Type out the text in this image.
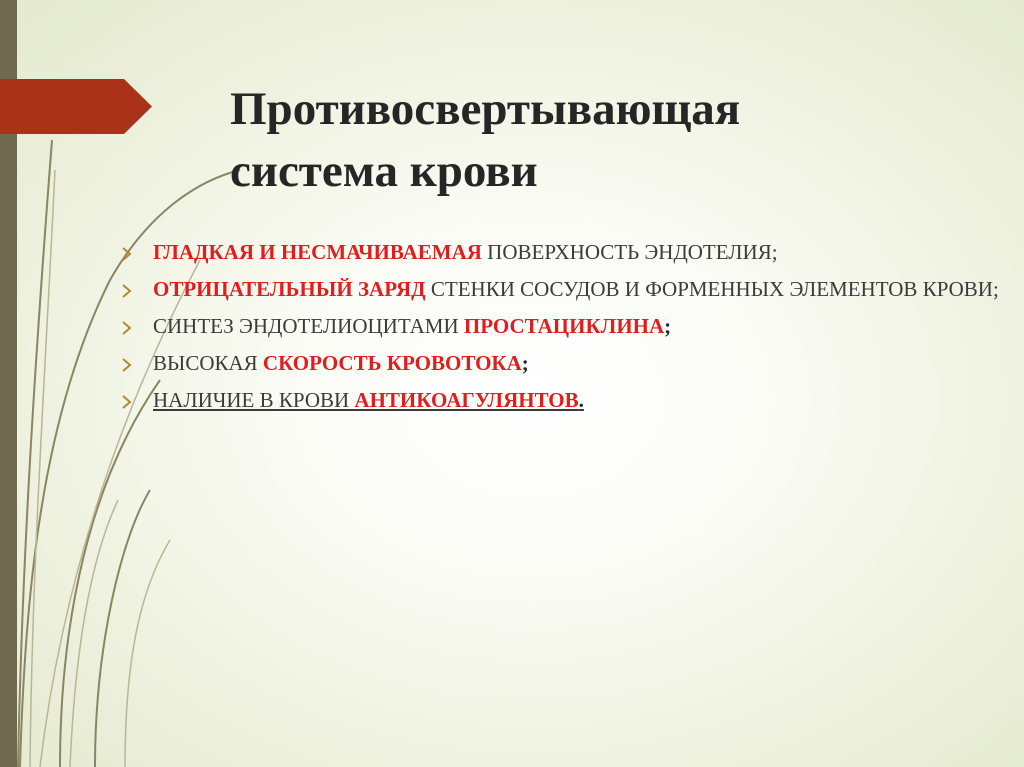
Противосвертывающая
система крови
ГЛАДКАЯ И НЕСМАЧИВАЕМАЯ ПОВЕРХНОСТЬ ЭНДОТЕЛИЯ;
ОТРИЦАТЕЛЬНЫЙ ЗАРЯД СТЕНКИ СОСУДОВ И ФОРМЕННЫХ ЭЛЕМЕНТОВ КРОВИ;
СИНТЕЗ ЭНДОТЕЛИОЦИТАМИ ПРОСТАЦИКЛИНА;
ВЫСОКАЯ СКОРОСТЬ КРОВОТОКА;
НАЛИЧИЕ В КРОВИ АНТИКОАГУЛЯНТОВ.
